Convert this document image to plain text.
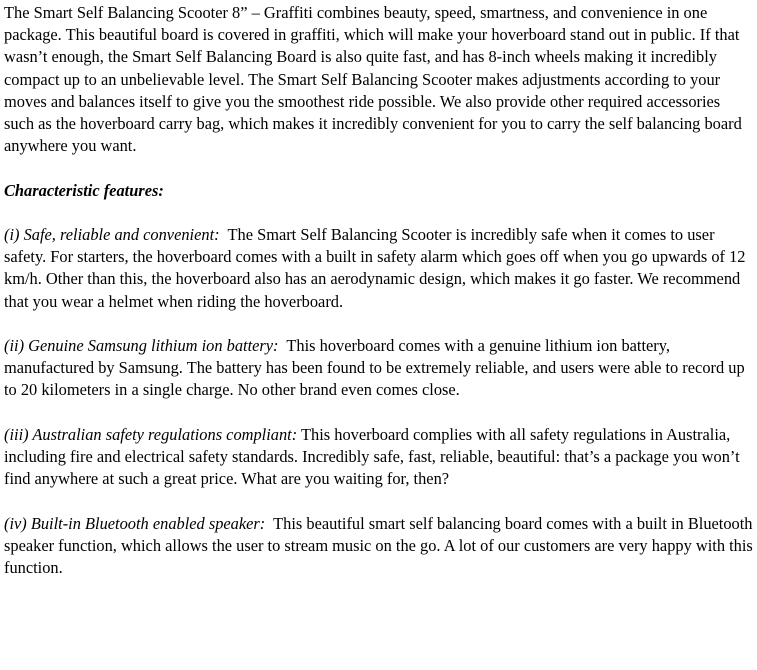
The Smart Self Balancing Scooter 8” – Graffiti combines beauty, speed, smartness, and convenience in one package. This beautiful board is covered in graffiti, which will make your hoverboard stand out in public. If that wasn’t enough, the Smart Self Balancing Board is also quite fast, and has 8-inch wheels making it incredibly compact up to an unbelievable level. The Smart Self Balancing Scooter makes adjustments according to your moves and balances itself to give you the smoothest ride possible. We also provide other required accessories such as the hoverboard carry bag, which makes it incredibly convenient for you to carry the self balancing board anywhere you want.

Characteristic features:

(i) Safe, reliable and convenient: The Smart Self Balancing Scooter is incredibly safe when it comes to user safety. For starters, the hoverboard comes with a built in safety alarm which goes off when you go upwards of 12 km/h. Other than this, the hoverboard also has an aerodynamic design, which makes it go faster. We recommend that you wear a helmet when riding the hoverboard.

(ii) Genuine Samsung lithium ion battery: This hoverboard comes with a genuine lithium ion battery, manufactured by Samsung. The battery has been found to be extremely reliable, and users were able to record up to 20 kilometers in a single charge. No other brand even comes close.

(iii) Australian safety regulations compliant: This hoverboard complies with all safety regulations in Australia, including fire and electrical safety standards. Incredibly safe, fast, reliable, beautiful: that’s a package you won’t find anywhere at such a great price. What are you waiting for, then?

(iv) Built-in Bluetooth enabled speaker: This beautiful smart self balancing board comes with a built in Bluetooth speaker function, which allows the user to stream music on the go. A lot of our customers are very happy with this function.
